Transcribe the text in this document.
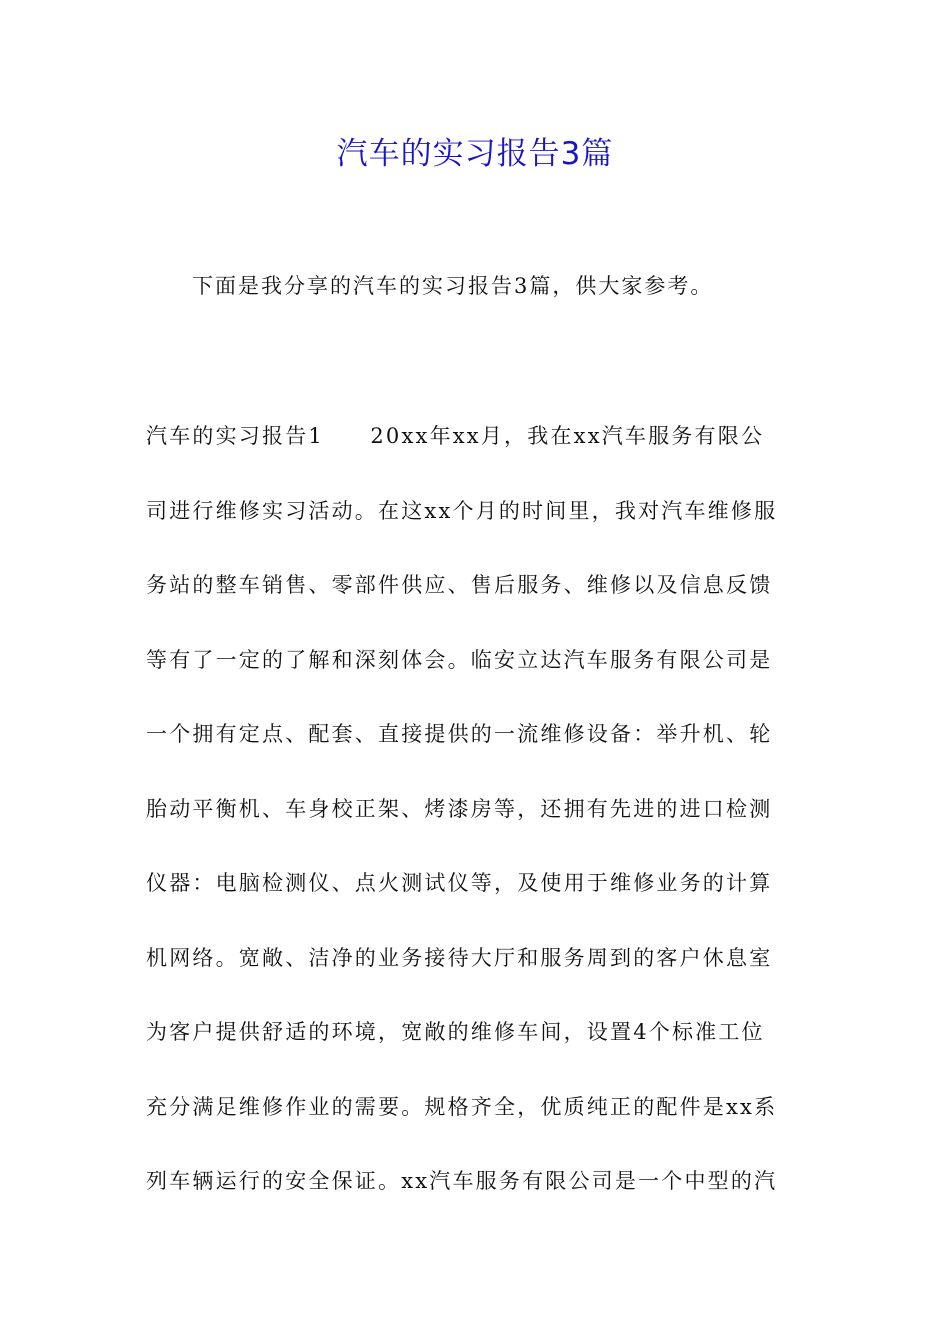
汽车的实习报告3篇
下面是我分享的汽车的实习报告3篇，供大家参考。
汽车的实习报告1　　20xx年xx月，我在xx汽车服务有限公
司进行维修实习活动。在这xx个月的时间里，我对汽车维修服
务站的整车销售、零部件供应、售后服务、维修以及信息反馈
等有了一定的了解和深刻体会。临安立达汽车服务有限公司是
一个拥有定点、配套、直接提供的一流维修设备：举升机、轮
胎动平衡机、车身校正架、烤漆房等，还拥有先进的进口检测
仪器：电脑检测仪、点火测试仪等，及使用于维修业务的计算
机网络。宽敞、洁净的业务接待大厅和服务周到的客户休息室
为客户提供舒适的环境，宽敞的维修车间，设置4个标准工位
充分满足维修作业的需要。规格齐全，优质纯正的配件是xx系
列车辆运行的安全保证。xx汽车服务有限公司是一个中型的汽
